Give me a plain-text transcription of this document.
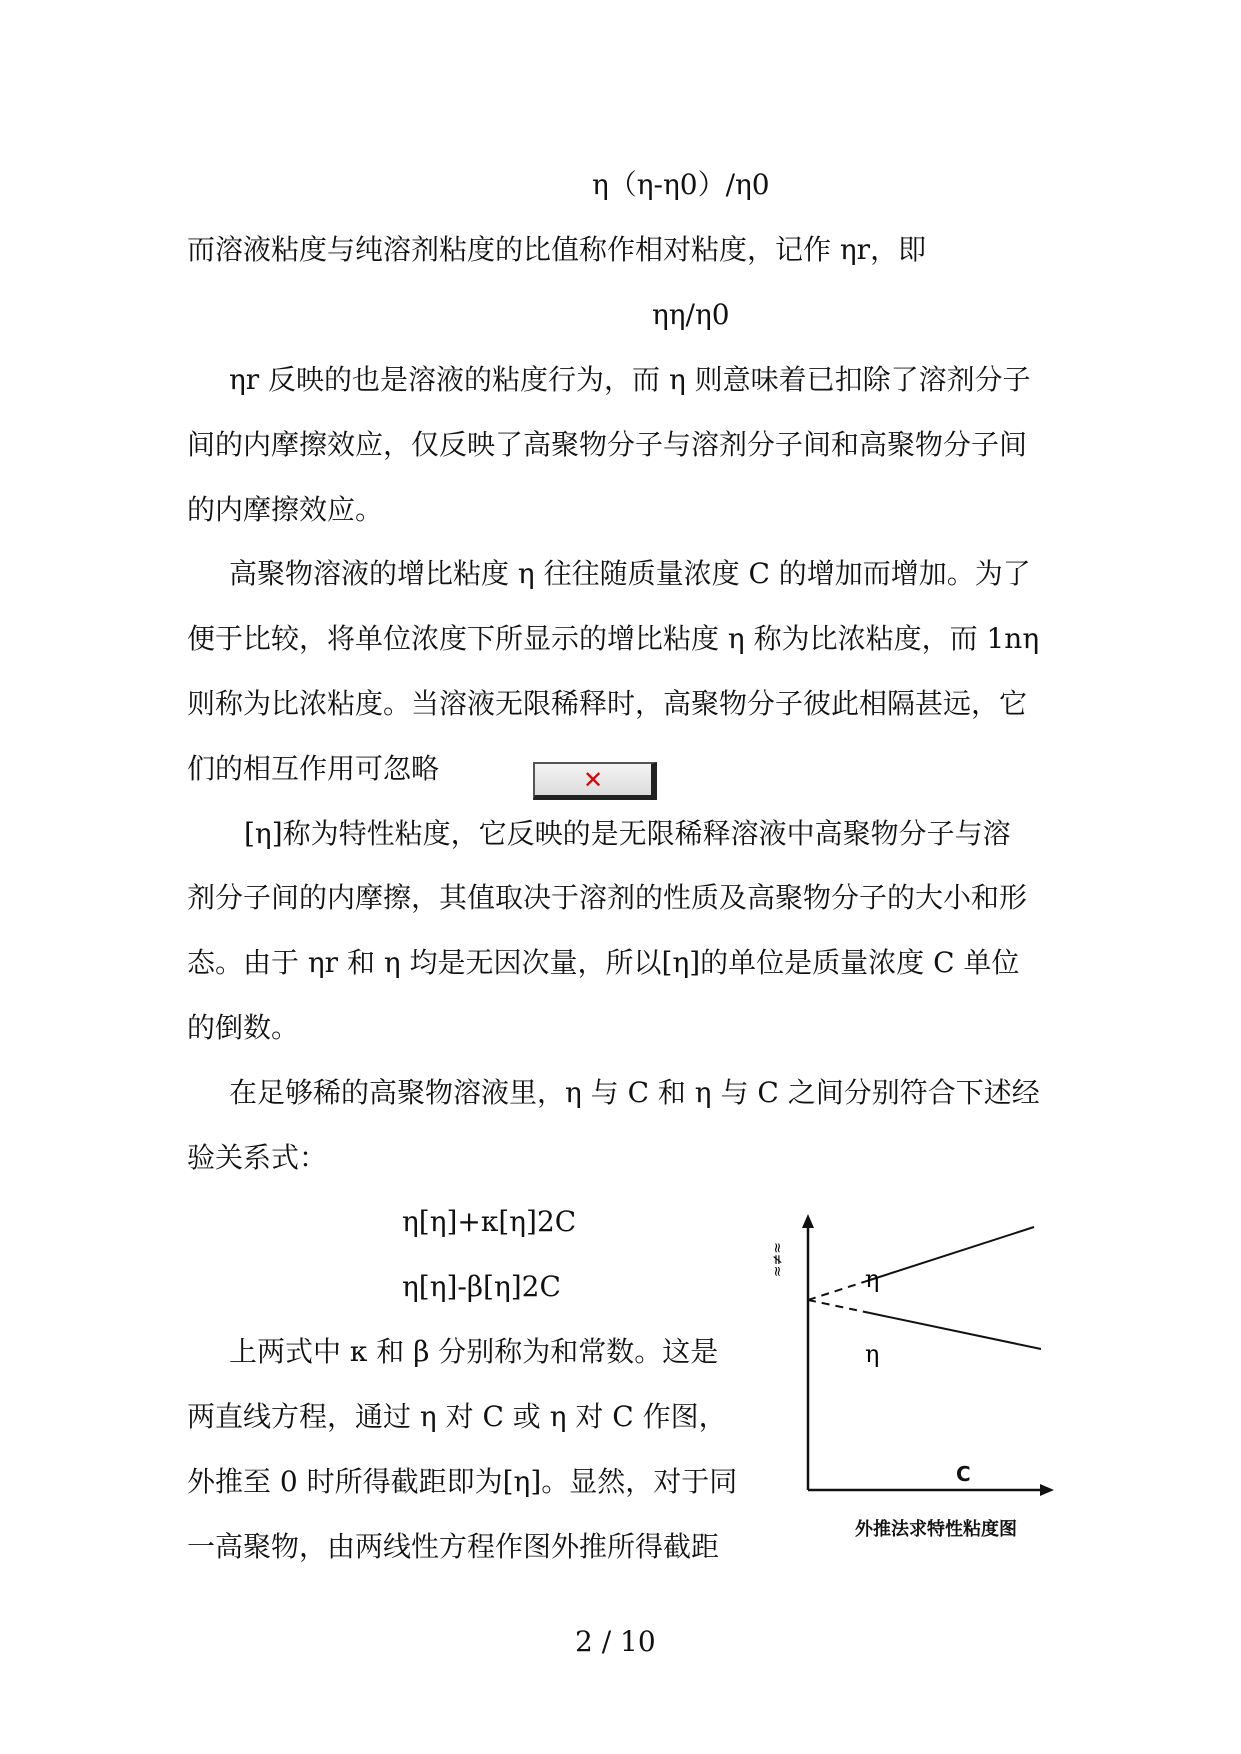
η（η-η0）/η0
而溶液粘度与纯溶剂粘度的比值称作相对粘度，记作 ηr，即
ηη/η0
ηr 反映的也是溶液的粘度行为，而 η 则意味着已扣除了溶剂分子
间的内摩擦效应，仅反映了高聚物分子与溶剂分子间和高聚物分子间
的内摩擦效应。
高聚物溶液的增比粘度 η 往往随质量浓度 C 的增加而增加。为了
便于比较，将单位浓度下所显示的增比粘度 η 称为比浓粘度，而 1nη
则称为比浓粘度。当溶液无限稀释时，高聚物分子彼此相隔甚远，它
们的相互作用可忽略	✕
[η]称为特性粘度，它反映的是无限稀释溶液中高聚物分子与溶
剂分子间的内摩擦，其值取决于溶剂的性质及高聚物分子的大小和形
态。由于 ηr 和 η 均是无因次量，所以[η]的单位是质量浓度 C 单位
的倒数。
在足够稀的高聚物溶液里，η 与 C 和 η 与 C 之间分别符合下述经
验关系式：
η[η]+κ[η]2C
η[η]-β[η]2C
上两式中 κ 和 β 分别称为和常数。这是
两直线方程，通过 η 对 C 或 η 对 C 作图，
外推至 0 时所得截距即为[η]。显然，对于同
一高聚物，由两线性方程作图外推所得截距
≈≠≈
η
η
C
外推法求特性粘度图
2 / 10
